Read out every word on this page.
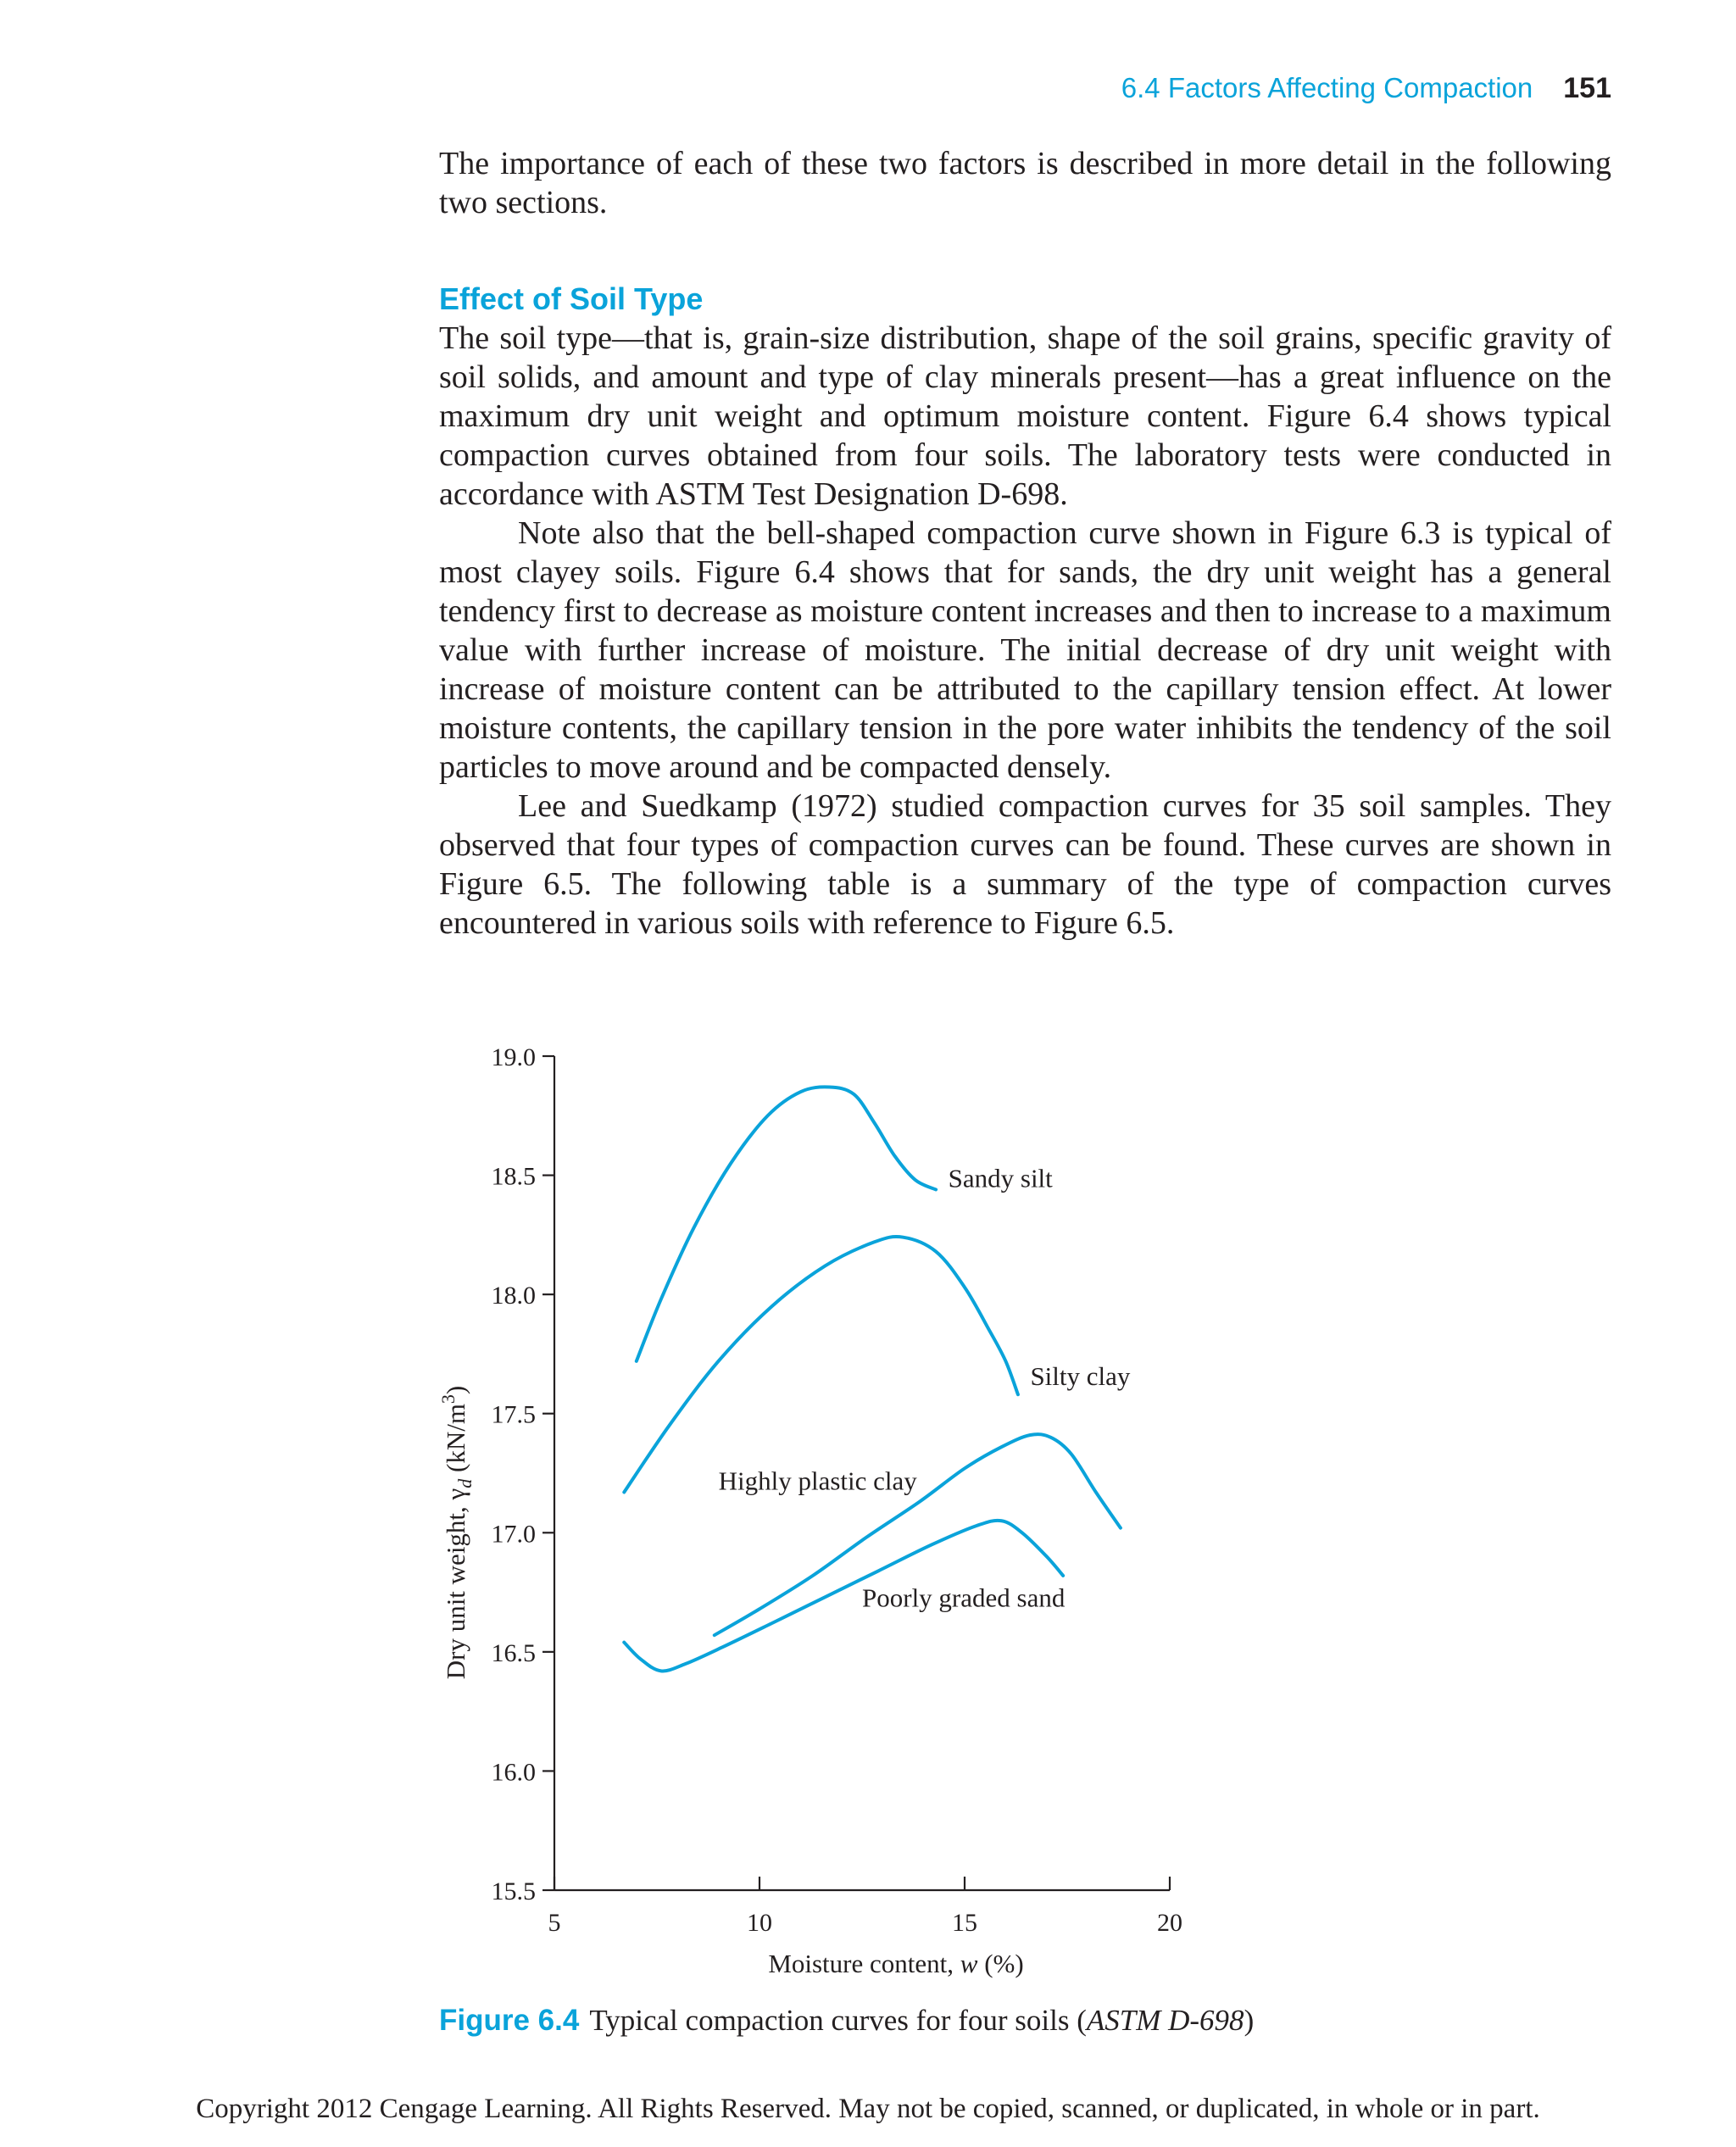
6.4 Factors Affecting Compaction 151

The importance of each of these two factors is described in more detail in the following two sections.

Effect of Soil Type

The soil type—that is, grain-size distribution, shape of the soil grains, specific gravity of soil solids, and amount and type of clay minerals present—has a great influence on the maximum dry unit weight and optimum moisture content. Figure 6.4 shows typical compaction curves obtained from four soils. The laboratory tests were conducted in accordance with ASTM Test Designation D-698.

Note also that the bell-shaped compaction curve shown in Figure 6.3 is typical of most clayey soils. Figure 6.4 shows that for sands, the dry unit weight has a general tendency first to decrease as moisture content increases and then to increase to a maximum value with further increase of moisture. The initial decrease of dry unit weight with increase of moisture content can be attributed to the capillary tension effect. At lower moisture contents, the capillary tension in the pore water inhibits the tendency of the soil particles to move around and be compacted densely.

Lee and Suedkamp (1972) studied compaction curves for 35 soil samples. They observed that four types of compaction curves can be found. These curves are shown in Figure 6.5. The following table is a summary of the type of compaction curves encountered in various soils with reference to Figure 6.5.

15.5
16.0
16.5
17.0
17.5
18.0
18.5
19.0
5	10	15	20
Moisture content, w (%)
Dry unit weight, $\gamma_d$ $(kN/m^3)$
Sandy silt
Silty clay
Highly plastic clay
Poorly graded sand
Figure 6.4 Typical compaction curves for four soils (ASTM D-698)
Copyright 2012 Cengage Learning. All Rights Reserved. May not be copied, scanned, or duplicated, in whole or in part.
